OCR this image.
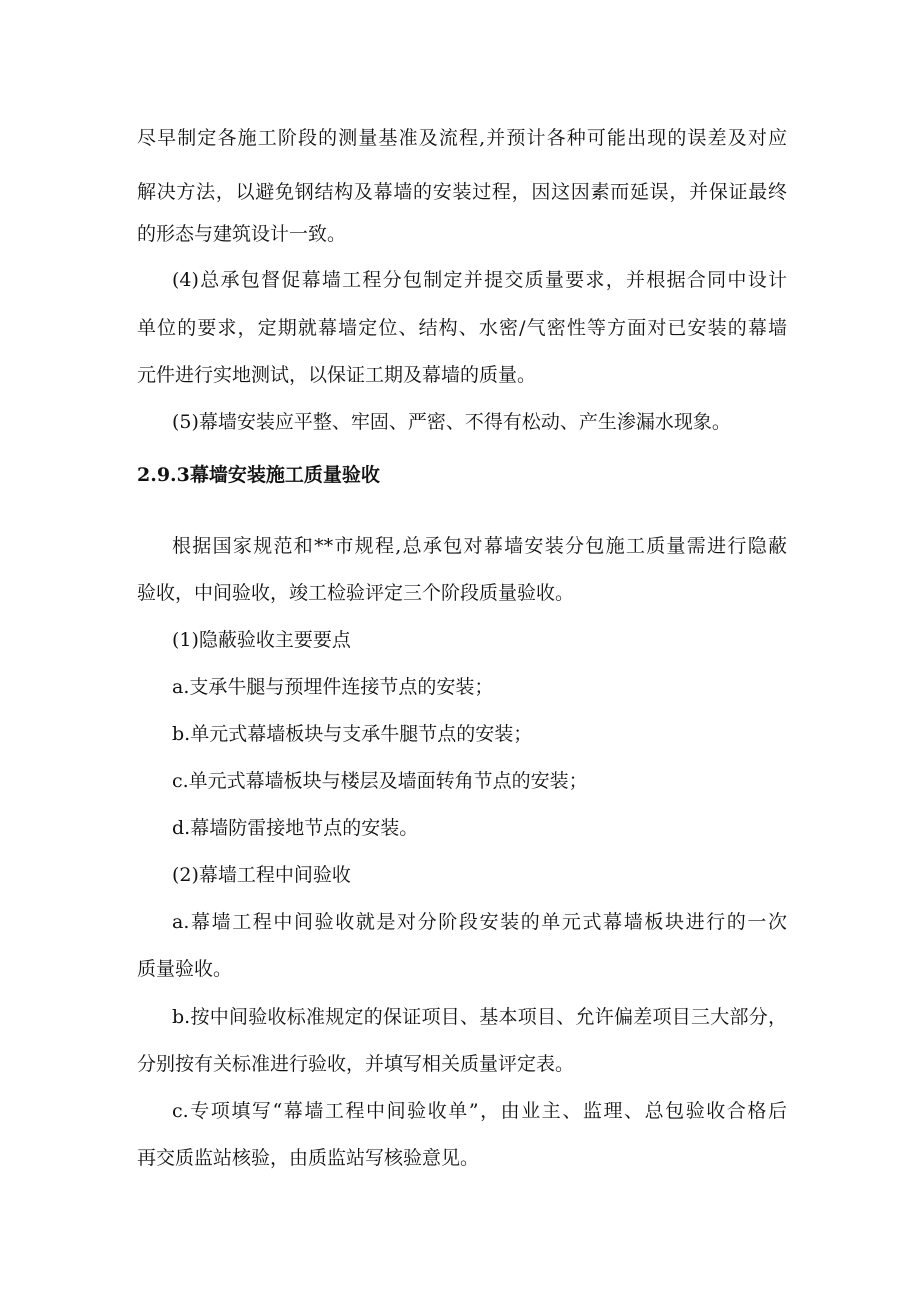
尽早制定各施工阶段的测量基准及流程,并预计各种可能出现的误差及对应
解决方法，以避免钢结构及幕墙的安装过程，因这因素而延误，并保证最终
的形态与建筑设计一致。
(4)总承包督促幕墙工程分包制定并提交质量要求，并根据合同中设计
单位的要求，定期就幕墙定位、结构、水密/气密性等方面对已安装的幕墙
元件进行实地测试，以保证工期及幕墙的质量。
(5)幕墙安装应平整、牢固、严密、不得有松动、产生渗漏水现象。
2.9.3幕墙安装施工质量验收
根据国家规范和**市规程,总承包对幕墙安装分包施工质量需进行隐蔽
验收，中间验收，竣工检验评定三个阶段质量验收。
(1)隐蔽验收主要要点
a.支承牛腿与预埋件连接节点的安装；
b.单元式幕墙板块与支承牛腿节点的安装；
c.单元式幕墙板块与楼层及墙面转角节点的安装；
d.幕墙防雷接地节点的安装。
(2)幕墙工程中间验收
a.幕墙工程中间验收就是对分阶段安装的单元式幕墙板块进行的一次
质量验收。
b.按中间验收标准规定的保证项目、基本项目、允许偏差项目三大部分，
分别按有关标准进行验收，并填写相关质量评定表。
c.专项填写“幕墙工程中间验收单”，由业主、监理、总包验收合格后
再交质监站核验，由质监站写核验意见。
